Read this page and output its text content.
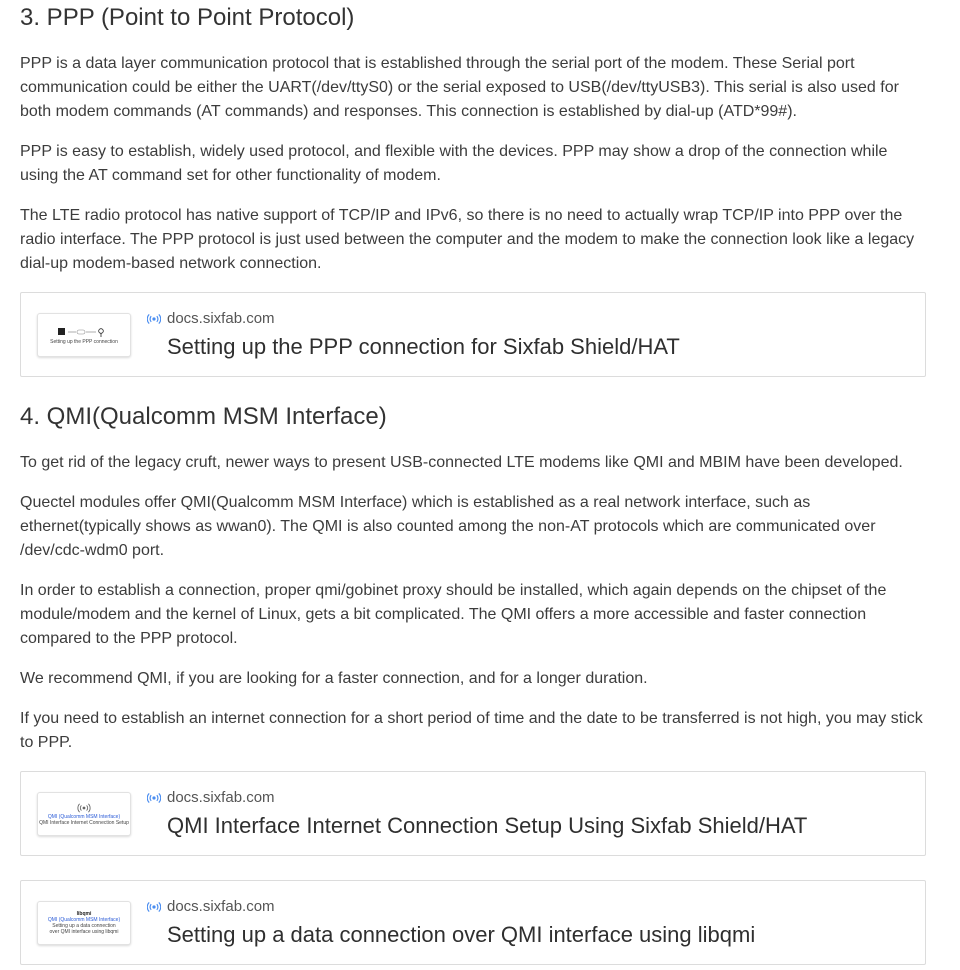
3. PPP (Point to Point Protocol)

PPP is a data layer communication protocol that is established through the serial port of the modem. These Serial port communication could be either the UART(/dev/ttyS0) or the serial exposed to USB(/dev/ttyUSB3). This serial is also used for both modem commands (AT commands) and responses. This connection is established by dial-up (ATD*99#).

PPP is easy to establish, widely used protocol, and flexible with the devices. PPP may show a drop of the connection while using the AT command set for other functionality of modem.

The LTE radio protocol has native support of TCP/IP and IPv6, so there is no need to actually wrap TCP/IP into PPP over the radio interface. The PPP protocol is just used between the computer and the modem to make the connection look like a legacy dial-up modem-based network connection.

Setting up the PPP connection
docs.sixfab.com
Setting up the PPP connection for Sixfab Shield/HAT
4. QMI(Qualcomm MSM Interface)

To get rid of the legacy cruft, newer ways to present USB-connected LTE modems like QMI and MBIM have been developed.

Quectel modules offer QMI(Qualcomm MSM Interface) which is established as a real network interface, such as ethernet(typically shows as wwan0). The QMI is also counted among the non-AT protocols which are communicated over /dev/cdc-wdm0 port.

In order to establish a connection, proper qmi/gobinet proxy should be installed, which again depends on the chipset of the module/modem and the kernel of Linux, gets a bit complicated. The QMI offers a more accessible and faster connection compared to the PPP protocol.

We recommend QMI, if you are looking for a faster connection, and for a longer duration.

If you need to establish an internet connection for a short period of time and the date to be transferred is not high, you may stick to PPP.

QMI (Qualcomm MSM Interface)
QMI Interface Internet Connection Setup
docs.sixfab.com
QMI Interface Internet Connection Setup Using Sixfab Shield/HAT
libqmi
QMI (Qualcomm MSM Interface)
Setting up a data connection
over QMI interface using libqmi
docs.sixfab.com
Setting up a data connection over QMI interface using libqmi
